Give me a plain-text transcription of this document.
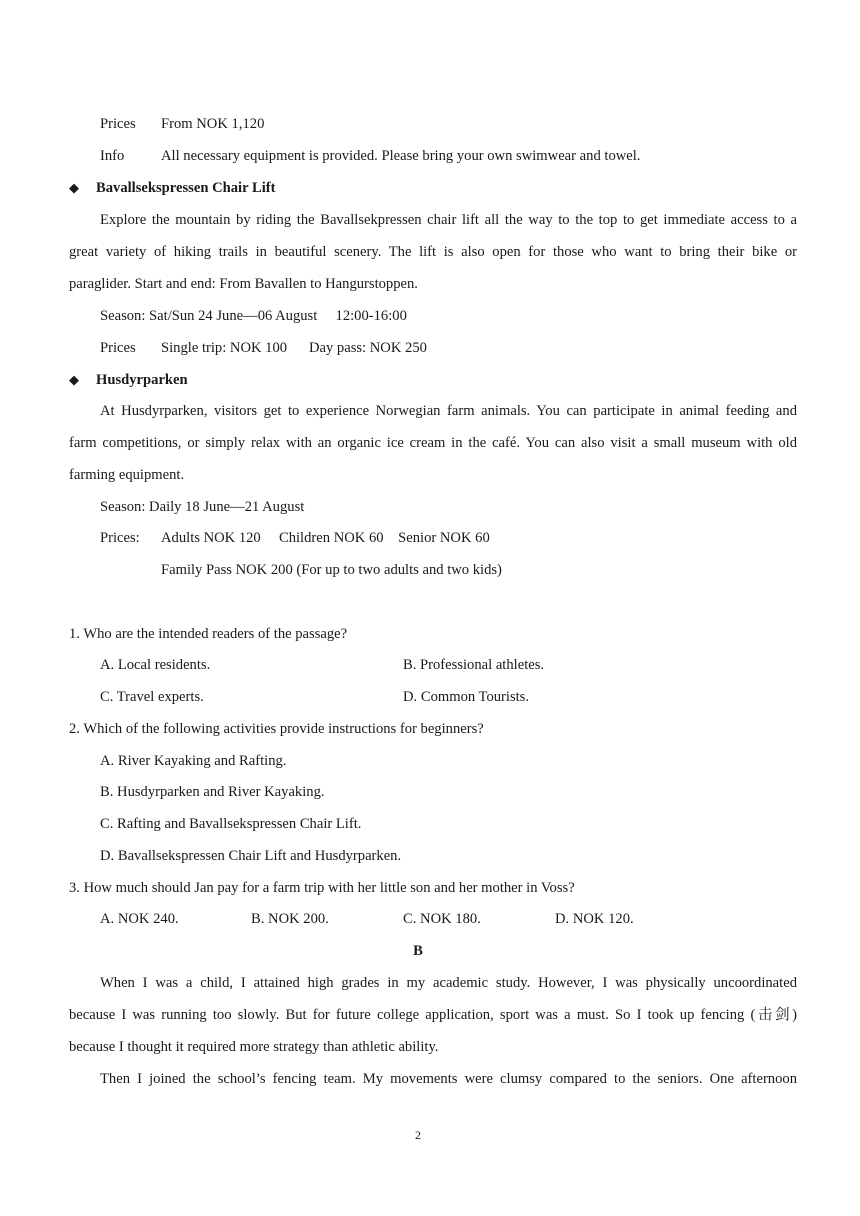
Prices From NOK 1,120
Info	All necessary equipment is provided. Please bring your own swimwear and towel.
◆ Bavallsekspressen Chair Lift
Explore the mountain by riding the Bavallsekpressen chair lift all the way to the top to get immediate access to a
great variety of hiking trails in beautiful scenery. The lift is also open for those who want to bring their bike or
paraglider. Start and end: From Bavallen to Hangurstoppen.
Season: Sat/Sun 24 June—06 August     12:00-16:00
Prices Single trip: NOK 100      Day pass: NOK 250
◆ Husdyrparken
At Husdyrparken, visitors get to experience Norwegian farm animals. You can participate in animal feeding and
farm competitions, or simply relax with an organic ice cream in the café. You can also visit a small museum with old
farming equipment.
Season: Daily 18 June—21 August
Prices: Adults NOK 120     Children NOK 60    Senior NOK 60
Family Pass NOK 200 (For up to two adults and two kids)
1. Who are the intended readers of the passage?
A. Local residents.	B. Professional athletes.
C. Travel experts.	D. Common Tourists.
2. Which of the following activities provide instructions for beginners?
A. River Kayaking and Rafting.
B. Husdyrparken and River Kayaking.
C. Rafting and Bavallsekspressen Chair Lift.
D. Bavallsekspressen Chair Lift and Husdyrparken.
3. How much should Jan pay for a farm trip with her little son and her mother in Voss?
A. NOK 240.	B. NOK 200.	C. NOK 180.	D. NOK 120.
B
When I was a child, I attained high grades in my academic study. However, I was physically uncoordinated
because I was running too slowly. But for future college application, sport was a must. So I took up fencing (击剑)
because I thought it required more strategy than athletic ability.
Then I joined the school’s fencing team. My movements were clumsy compared to the seniors. One afternoon
2
